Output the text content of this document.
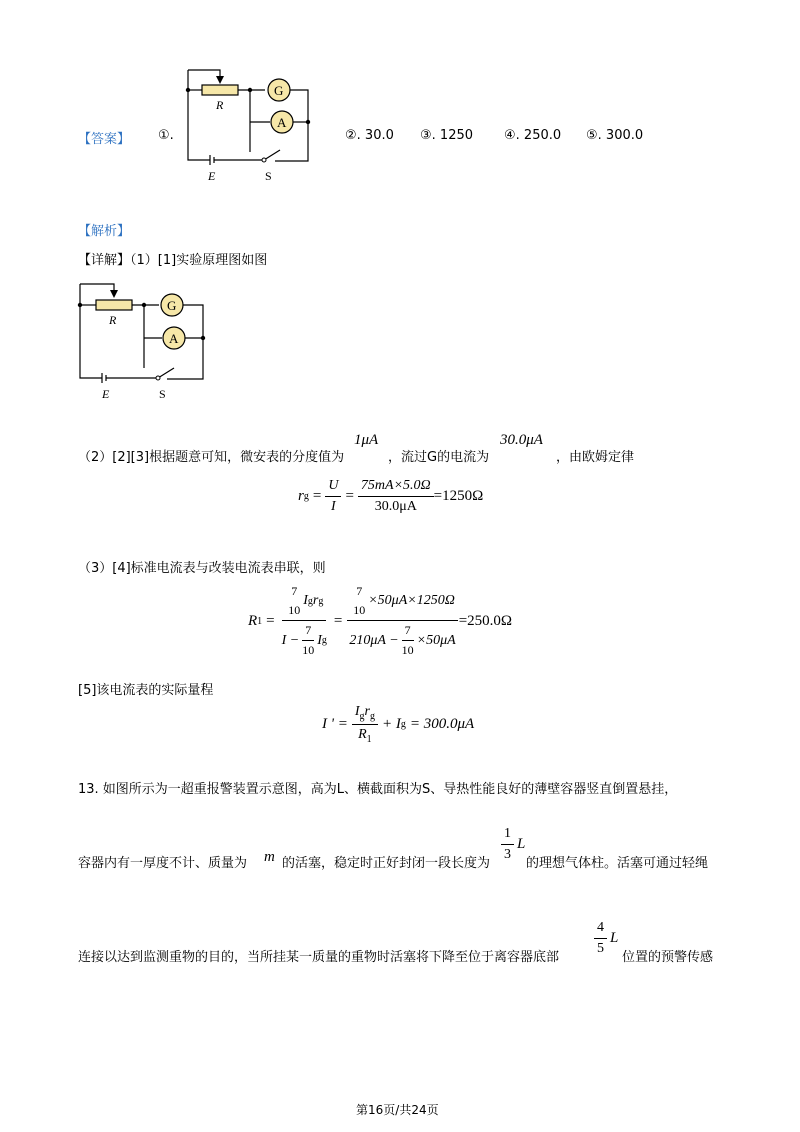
【答案】 ①.
R
G
A
E	S
②. 30.0 ③. 1250 ④. 250.0 ⑤. 300.0
【解析】
【详解】（1）[1]实验原理图如图
R
G
A
E	S
（2）[2][3]根据题意可知，微安表的分度值为
1μA
，流过G的电流为
30.0μA
，由欧姆定律
r $g = \frac{U}{I} = \frac{75mA\times 5.0\Omega}{30.0\mu A} =1250\Omega$
（3）[4]标准电流表与改装电流表串联，则
R 1 = 7
10
I g r g
$I - \frac{7}{10}$ I g = 7
10
×50μA×1250Ω
$210\mu A - \frac{7}{10} \times 50\mu A =250.0\Omega$
[5]该电流表的实际量程
I ' = $\frac{I_gr_g}{R_1} + I$ g = 300.0μA
13. 如图所示为一超重报警装置示意图，高为L、横截面积为S、导热性能良好的薄壁容器竖直倒置悬挂，
容器内有一厚度不计、质量为 m 的活塞，稳定时正好封闭一段长度为
$\frac{1}{3}$ L
的理想气体柱。活塞可通过轻绳
连接以达到监测重物的目的，当所挂某一质量的重物时活塞将下降至位于离容器底部
$\frac{4}{5}$ L
位置的预警传感
第16页/共24页
